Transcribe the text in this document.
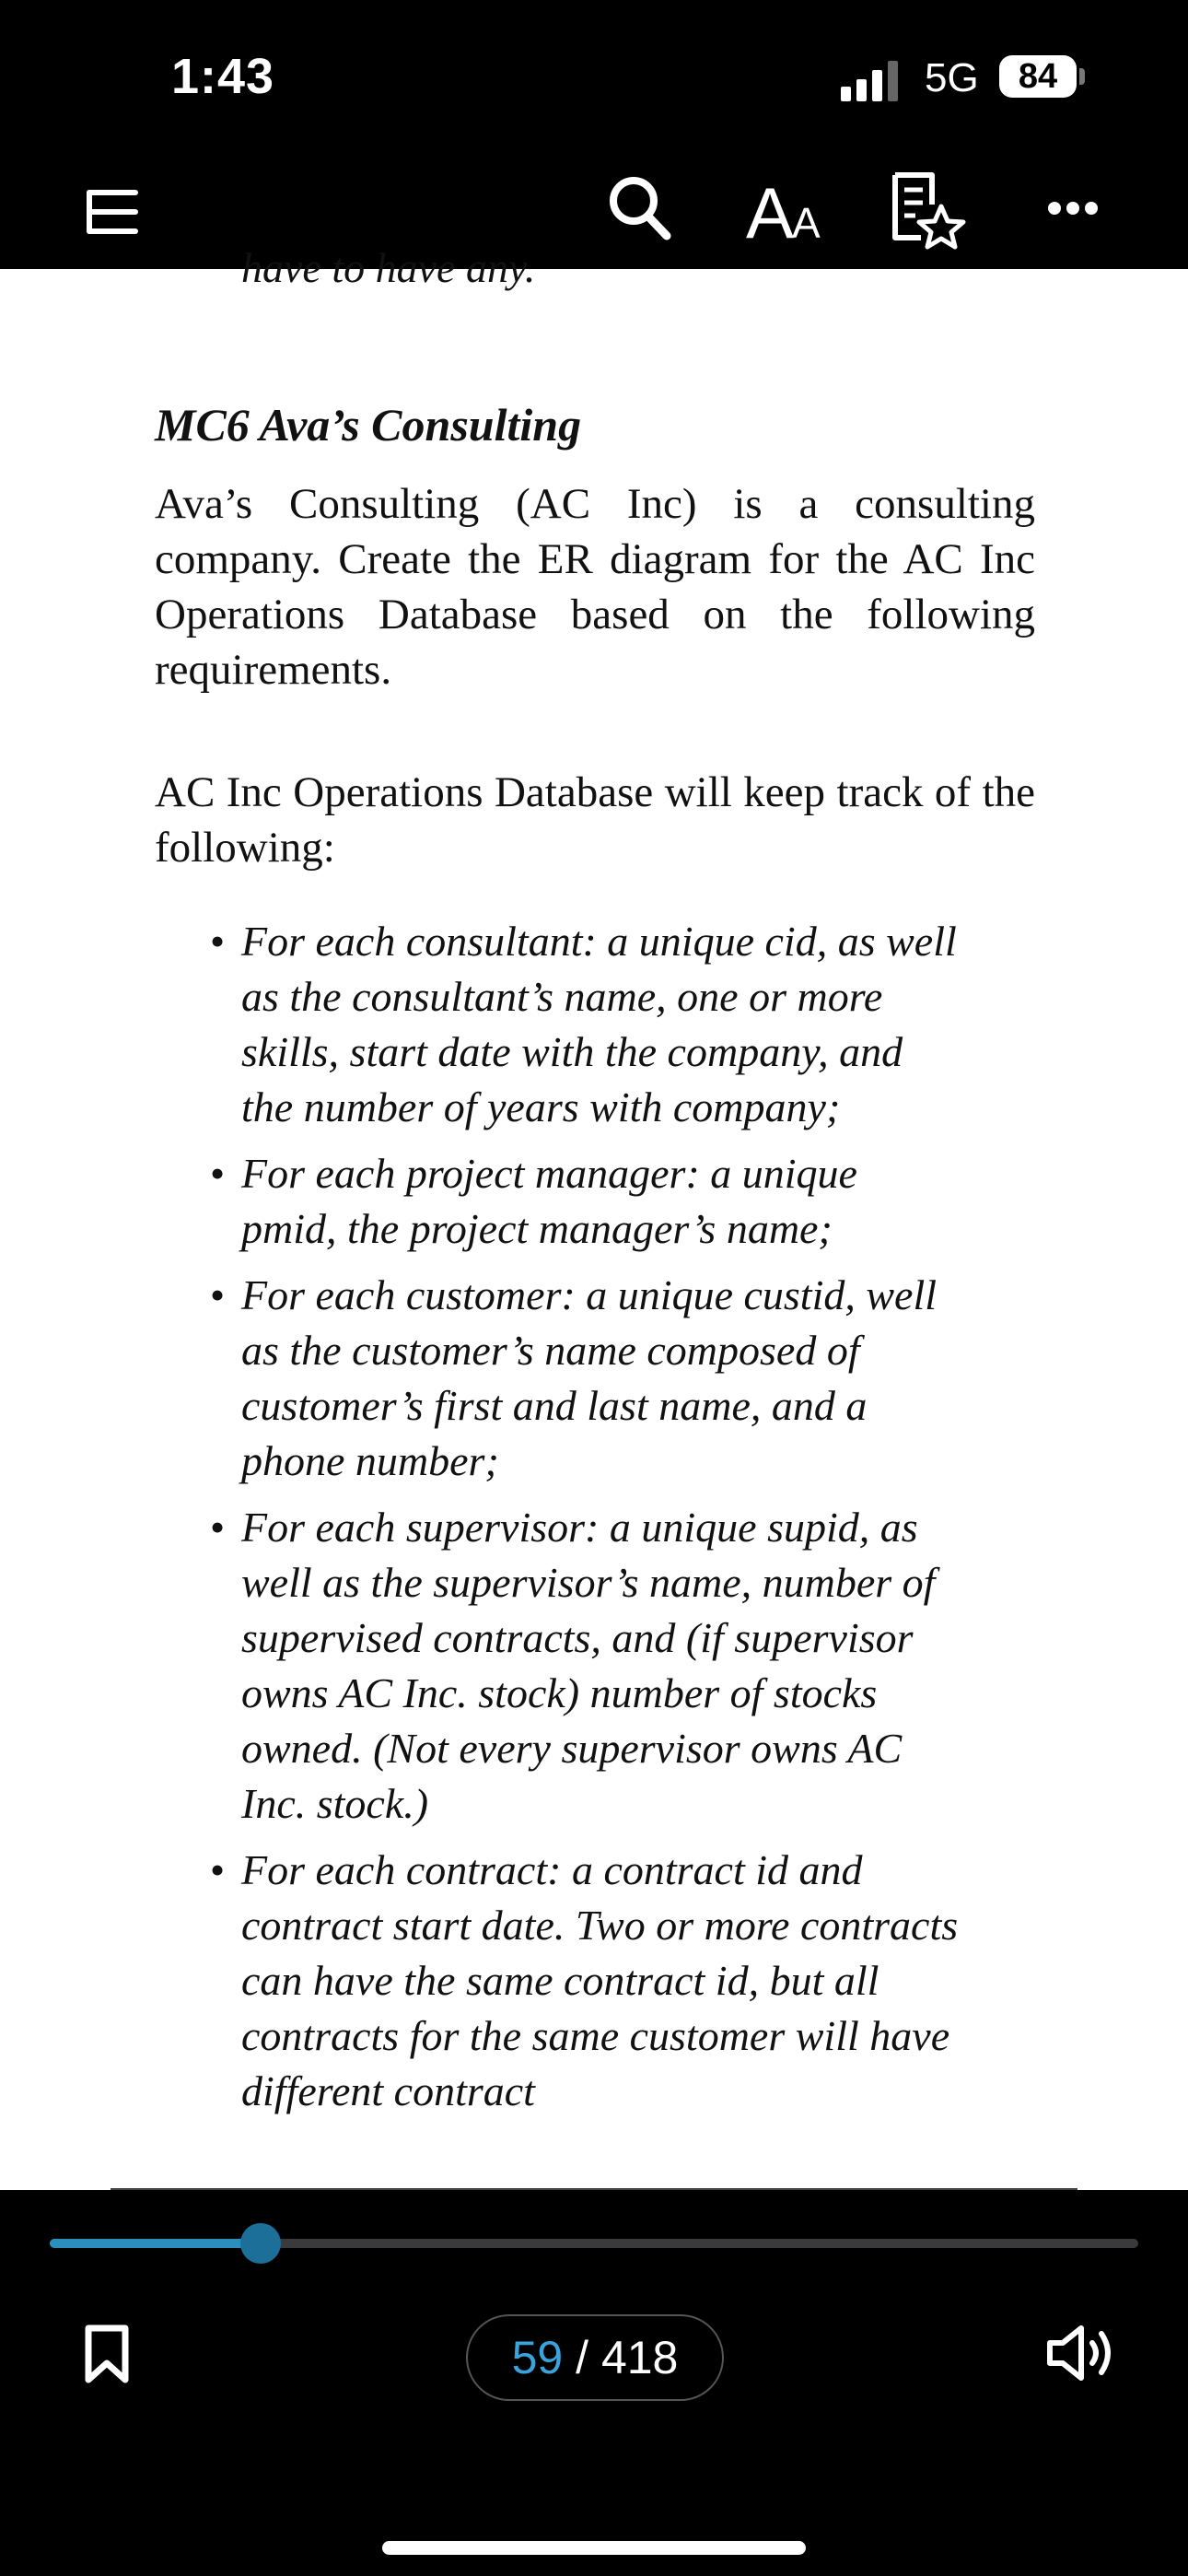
1:43	5G	84
A
A
have to have any.
MC6 Ava’s Consulting
Ava’s Consulting (AC Inc) is a consulting company. Create the ER diagram for the AC Inc Operations Database based on the following requirements.
AC Inc Operations Database will keep track of the following:
• For each consultant: a unique cid, as well as the consultant’s name, one or more skills, start date with the company, and the number of years with company;
• For each project manager: a unique pmid, the project manager’s name;
• For each customer: a unique custid, well as the customer’s name composed of customer’s first and last name, and a phone number;
• For each supervisor: a unique supid, as well as the supervisor’s name, number of supervised contracts, and (if supervisor owns AC Inc. stock) number of stocks owned. (Not every supervisor owns AC Inc. stock.)
• For each contract: a contract id and contract start date. Two or more contracts can have the same contract id, but all contracts for the same customer will have different contract
59 / 418
